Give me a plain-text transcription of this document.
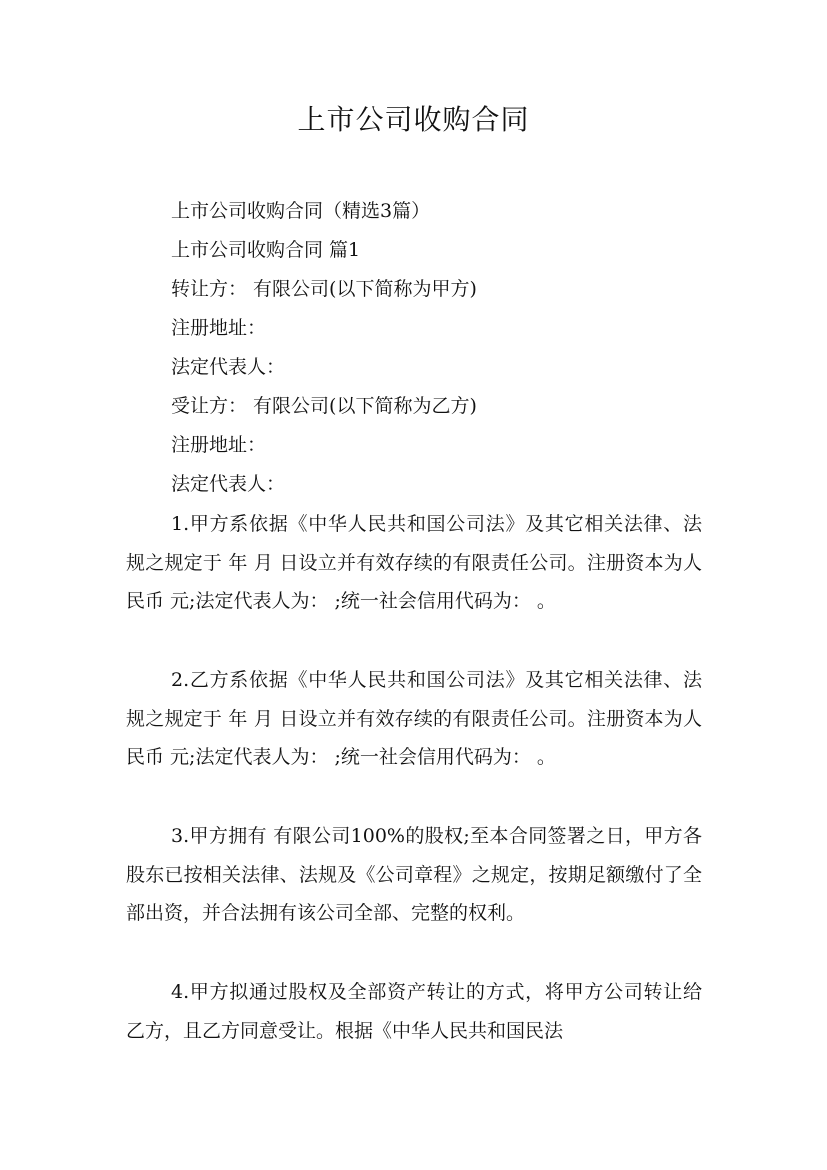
上市公司收购合同

上市公司收购合同（精选3篇）

上市公司收购合同 篇1

转让方： 有限公司(以下简称为甲方)

注册地址：

法定代表人：

受让方： 有限公司(以下简称为乙方)

注册地址：

法定代表人：

1.甲方系依据《中华人民共和国公司法》及其它相关法律、法规之规定于 年 月 日设立并有效存续的有限责任公司。注册资本为人民币 元;法定代表人为： ;统一社会信用代码为： 。

2.乙方系依据《中华人民共和国公司法》及其它相关法律、法规之规定于 年 月 日设立并有效存续的有限责任公司。注册资本为人民币 元;法定代表人为： ;统一社会信用代码为： 。

3.甲方拥有 有限公司100%的股权;至本合同签署之日，甲方各股东已按相关法律、法规及《公司章程》之规定，按期足额缴付了全部出资，并合法拥有该公司全部、完整的权利。

4.甲方拟通过股权及全部资产转让的方式，将甲方公司转让给乙方，且乙方同意受让。根据《中华人民共和国民法
